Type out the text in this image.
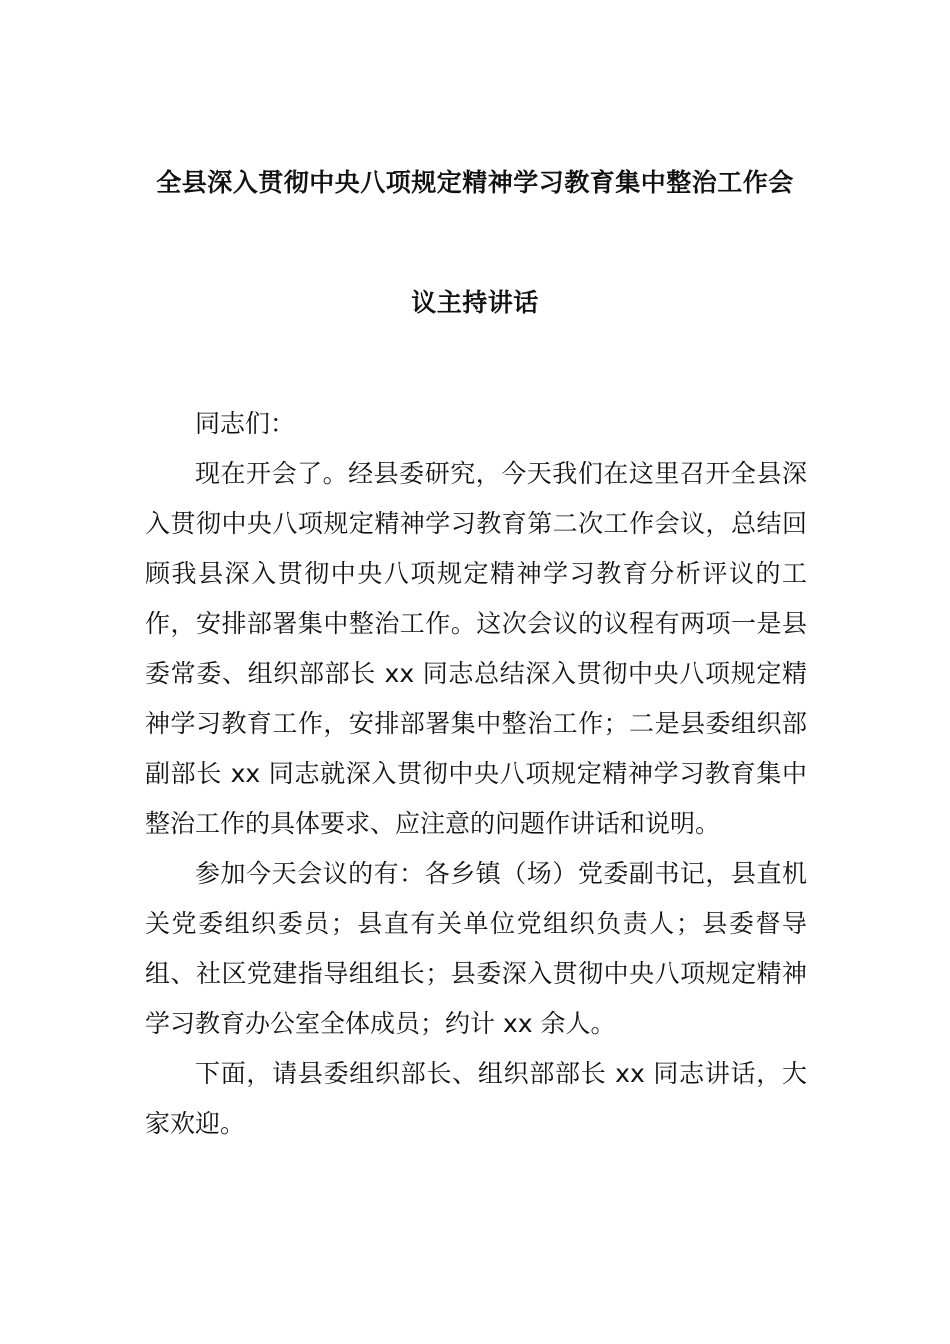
全县深入贯彻中央八项规定精神学习教育集中整治工作会
议主持讲话

同志们：

现在开会了。经县委研究，今天我们在这里召开全县深入贯彻中央八项规定精神学习教育第二次工作会议，总结回顾我县深入贯彻中央八项规定精神学习教育分析评议的工作，安排部署集中整治工作。这次会议的议程有两项一是县委常委、组织部部长 xx 同志总结深入贯彻中央八项规定精神学习教育工作，安排部署集中整治工作；二是县委组织部副部长 xx 同志就深入贯彻中央八项规定精神学习教育集中整治工作的具体要求、应注意的问题作讲话和说明。

参加今天会议的有：各乡镇（场）党委副书记，县直机关党委组织委员；县直有关单位党组织负责人；县委督导组、社区党建指导组组长；县委深入贯彻中央八项规定精神学习教育办公室全体成员；约计 xx 余人。

下面，请县委组织部长、组织部部长 xx 同志讲话，大家欢迎。
